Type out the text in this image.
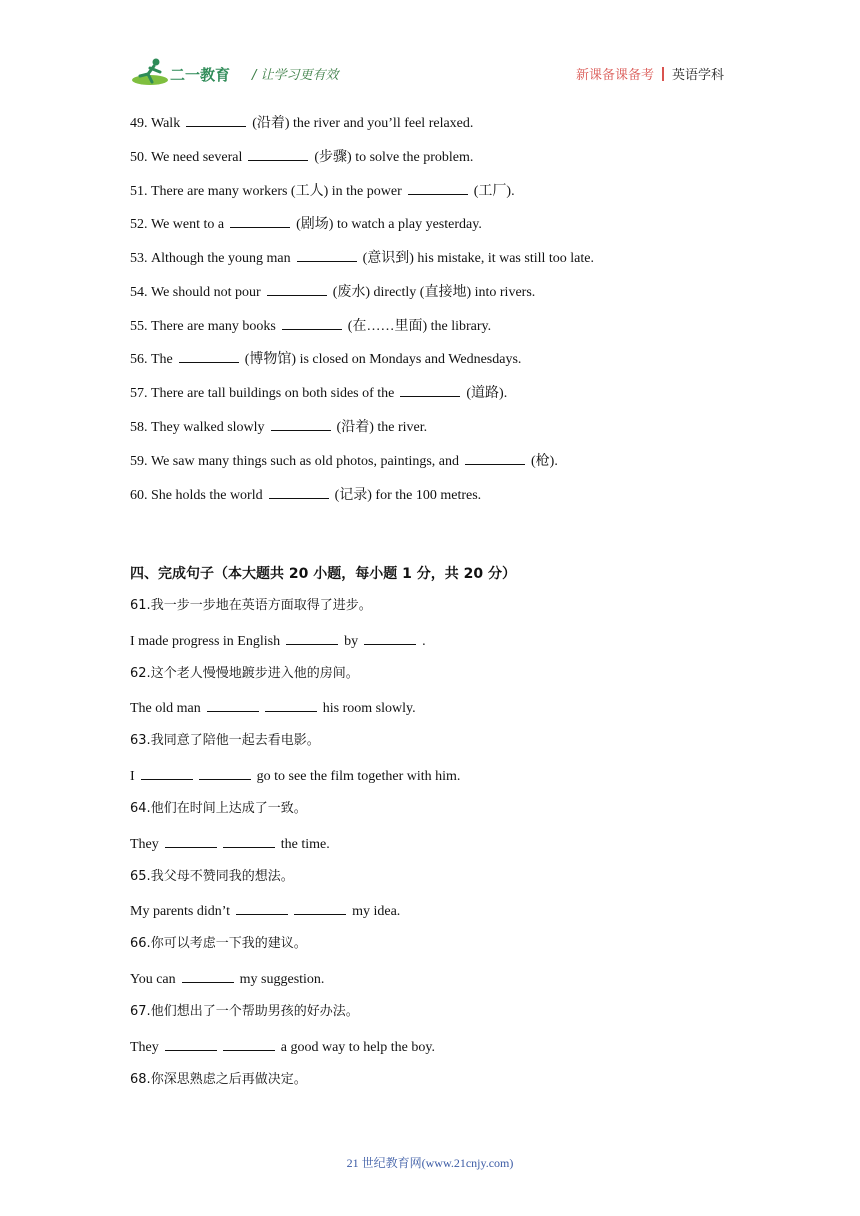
二一教育 / 让学习更有效	新课备课备考 英语学科
49. Walk	(沿着) the river and you’ll feel relaxed.
50. We need several	(步骤) to solve the problem.
51. There are many workers (工人) in the power	(工厂).
52. We went to a	(剧场) to watch a play yesterday.
53. Although the young man	(意识到) his mistake, it was still too late.
54. We should not pour	(废水) directly (直接地) into rivers.
55. There are many books	(在……里面) the library.
56. The	(博物馆) is closed on Mondays and Wednesdays.
57. There are tall buildings on both sides of the	(道路).
58. They walked slowly	(沿着) the river.
59. We saw many things such as old photos, paintings, and	(枪).
60. She holds the world	(记录) for the 100 metres.
四、完成句子（本大题共 20 小题，每小题 1 分，共 20 分）
61.我一步一步地在英语方面取得了进步。
I made progress in English	by	.
62.这个老人慢慢地踱步进入他的房间。
The old man	his room slowly.
63.我同意了陪他一起去看电影。
I	go to see the film together with him.
64.他们在时间上达成了一致。
They	the time.
65.我父母不赞同我的想法。
My parents didn’t	my idea.
66.你可以考虑一下我的建议。
You can	my suggestion.
67.他们想出了一个帮助男孩的好办法。
They	a good way to help the boy.
68.你深思熟虑之后再做决定。
21 世纪教育网(www.21cnjy.com)
